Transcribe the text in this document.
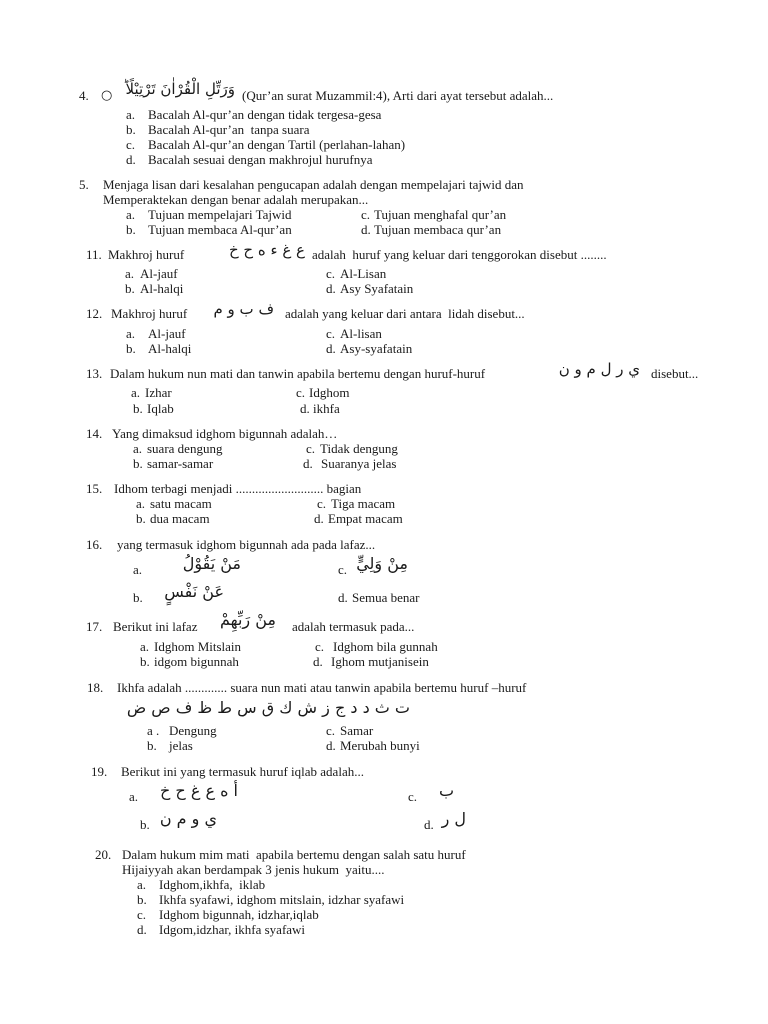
4. ○ وَرَتِّلِ الْقُرْاٰنَ تَرْتِيْلًاؕ (Qur’an surat Muzammil:4), Arti dari ayat tersebut adalah...
a. Bacalah Al-qur’an dengan tidak tergesa-gesa
b. Bacalah Al-qur’an  tanpa suara
c. Bacalah Al-qur’an dengan Tartil (perlahan-lahan)
d. Bacalah sesuai dengan makhrojul hurufnya
5. Menjaga lisan dari kesalahan pengucapan adalah dengan mempelajari tajwid dan
Memperaktekan dengan benar adalah merupakan...
a. Tujuan mempelajari Tajwid	c. Tujuan menghafal qur’an
b. Tujuan membaca Al-qur’an	d. Tujuan membaca qur’an
11. Makhroj huruf	ع غ ء ه ح خ adalah  huruf yang keluar dari tenggorokan disebut ........
a. Al-jauf	c. Al-Lisan
b. Al-halqi	d. Asy Syafatain
12. Makhroj huruf	ف ب و م adalah yang keluar dari antara  lidah disebut...
a. Al-jauf	c. Al-lisan
b. Al-halqi	d. Asy-syafatain
13. Dalam hukum nun mati dan tanwin apabila bertemu dengan huruf-huruf	ي ر ل م و ن disebut...
a. Izhar	c. Idghom
b. Iqlab	d. ikhfa
14. Yang dimaksud idghom bigunnah adalah…
a. suara dengung	c. Tidak dengung
b. samar-samar	d. Suaranya jelas
15. Idhom terbagi menjadi ........................... bagian
a. satu macam	c. Tiga macam
b. dua macam	d. Empat macam
16. yang termasuk idghom bigunnah ada pada lafaz...
a.	مَنْ يَقُوْلُ	c. مِنْ وَلِيٍّ
b. عَنْ نَفْسٍ	d. Semua benar
17. Berikut ini lafaz مِنْ رَبِّهِمْ adalah termasuk pada...
a. Idghom Mitslain	c. Idghom bila gunnah
b. idgom bigunnah	d. Ighom mutjanisein
18. Ikhfa adalah ............. suara nun mati atau tanwin apabila bertemu huruf –huruf
ت ث د د ج ز ش ك ق س ط ظ ف ص ض
a . Dengung	c. Samar
b. jelas	d. Merubah bunyi
19. Berikut ini yang termasuk huruf iqlab adalah...
a.	أ ه ع غ ح خ	c.	ب
b. ي و م ن	d. ل ر
20. Dalam hukum mim mati  apabila bertemu dengan salah satu huruf
Hijaiyyah akan berdampak 3 jenis hukum  yaitu....
a. Idghom,ikhfa,  iklab
b. Ikhfa syafawi, idghom mitslain, idzhar syafawi
c. Idghom bigunnah, idzhar,iqlab
d. Idgom,idzhar, ikhfa syafawi
